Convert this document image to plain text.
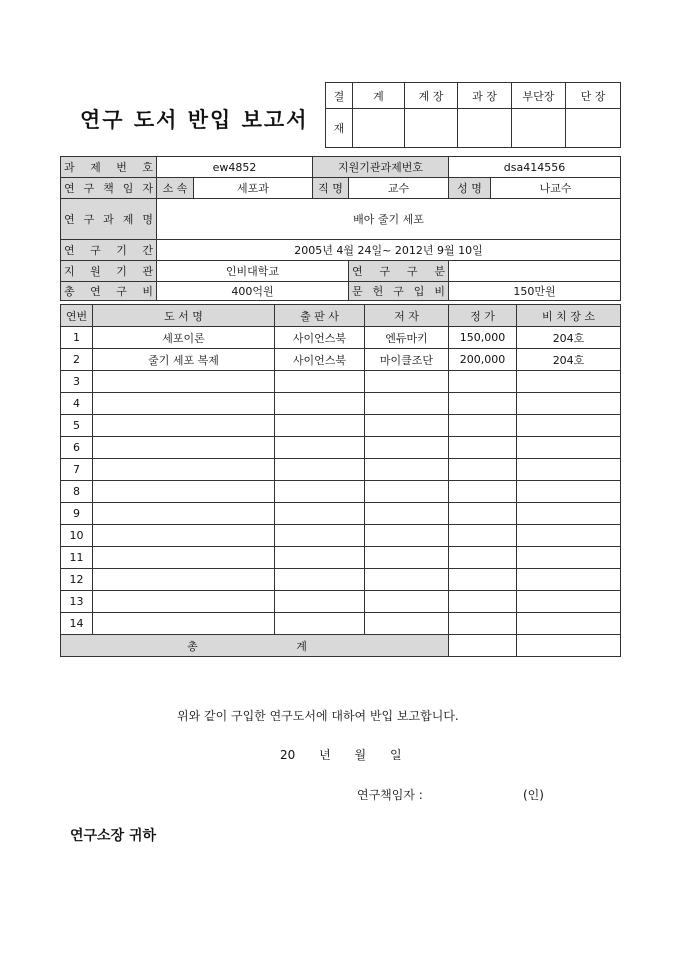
연구 도서 반입 보고서
결	계	계 장	과 장	부단장	단 장
재					
과 제 번 호	ew4852		지원기관과제번호		dsa414556	
연 구 책 임 자	소 속	세포과	직 명	교수	성 명	나교수
연 구 과 제 명	배아 줄기 세포					
연 구 기 간	2005년 4월 24일~ 2012년 9월 10일					
지 원 기 관	인비대학교			연 구 구 분		
총 연 구 비	400억원			문 헌 구 입 비	150만원	
연번	도 서 명	출 판 사	저 자	정 가	비 치 장 소
1	세포이론	사이언스북	엔듀마키	150,000	204호
2	줄기 세포 복제	사이언스북	마이클조단	200,000	204호
3					
4					
5					
6					
7					
8					
9					
10					
11					
12					
13					
14					
총 계					
위와 같이 구입한 연구도서에 대하여 반입 보고합니다.
20 년 월 일
연구책임자 :	(인)
연구소장 귀하
